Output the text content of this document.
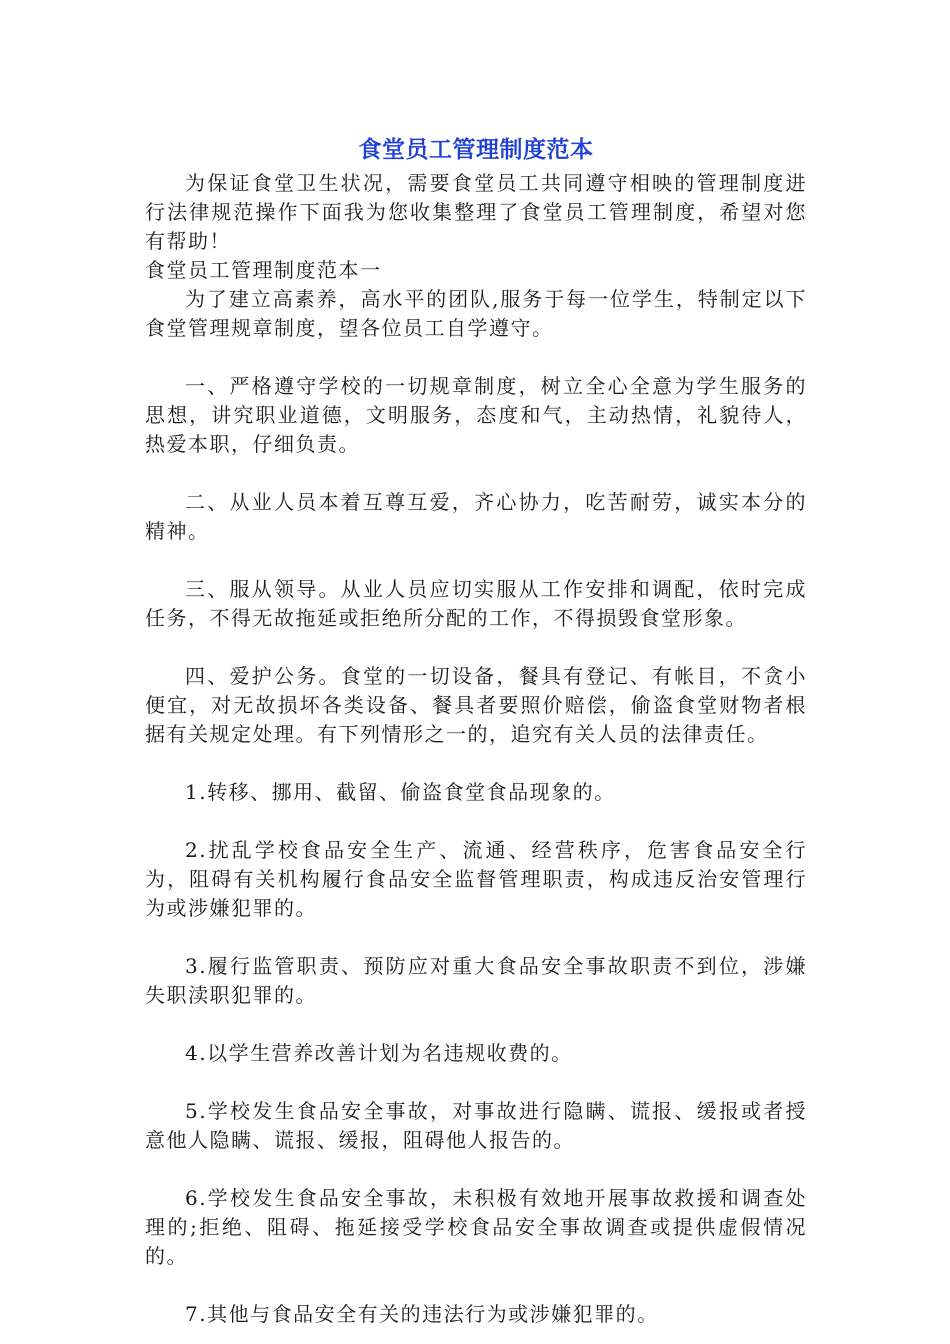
食堂员工管理制度范本

为保证食堂卫生状况，需要食堂员工共同遵守相映的管理制度进行法律规范操作下面我为您收集整理了食堂员工管理制度，希望对您有帮助！

食堂员工管理制度范本一

为了建立高素养，高水平的团队,服务于每一位学生，特制定以下食堂管理规章制度，望各位员工自学遵守。

一、严格遵守学校的一切规章制度，树立全心全意为学生服务的思想，讲究职业道德，文明服务，态度和气，主动热情，礼貌待人，热爱本职，仔细负责。

二、从业人员本着互尊互爱，齐心协力，吃苦耐劳，诚实本分的精神。

三、服从领导。从业人员应切实服从工作安排和调配，依时完成任务，不得无故拖延或拒绝所分配的工作，不得损毁食堂形象。

四、爱护公务。食堂的一切设备，餐具有登记、有帐目，不贪小便宜，对无故损坏各类设备、餐具者要照价赔偿，偷盗食堂财物者根据有关规定处理。有下列情形之一的，追究有关人员的法律责任。

1.转移、挪用、截留、偷盗食堂食品现象的。

2.扰乱学校食品安全生产、流通、经营秩序，危害食品安全行为，阻碍有关机构履行食品安全监督管理职责，构成违反治安管理行为或涉嫌犯罪的。

3.履行监管职责、预防应对重大食品安全事故职责不到位，涉嫌失职渎职犯罪的。

4.以学生营养改善计划为名违规收费的。

5.学校发生食品安全事故，对事故进行隐瞒、谎报、缓报或者授意他人隐瞒、谎报、缓报，阻碍他人报告的。

6.学校发生食品安全事故，未积极有效地开展事故救援和调查处理的;拒绝、阻碍、拖延接受学校食品安全事故调查或提供虚假情况的。

7.其他与食品安全有关的违法行为或涉嫌犯罪的。
